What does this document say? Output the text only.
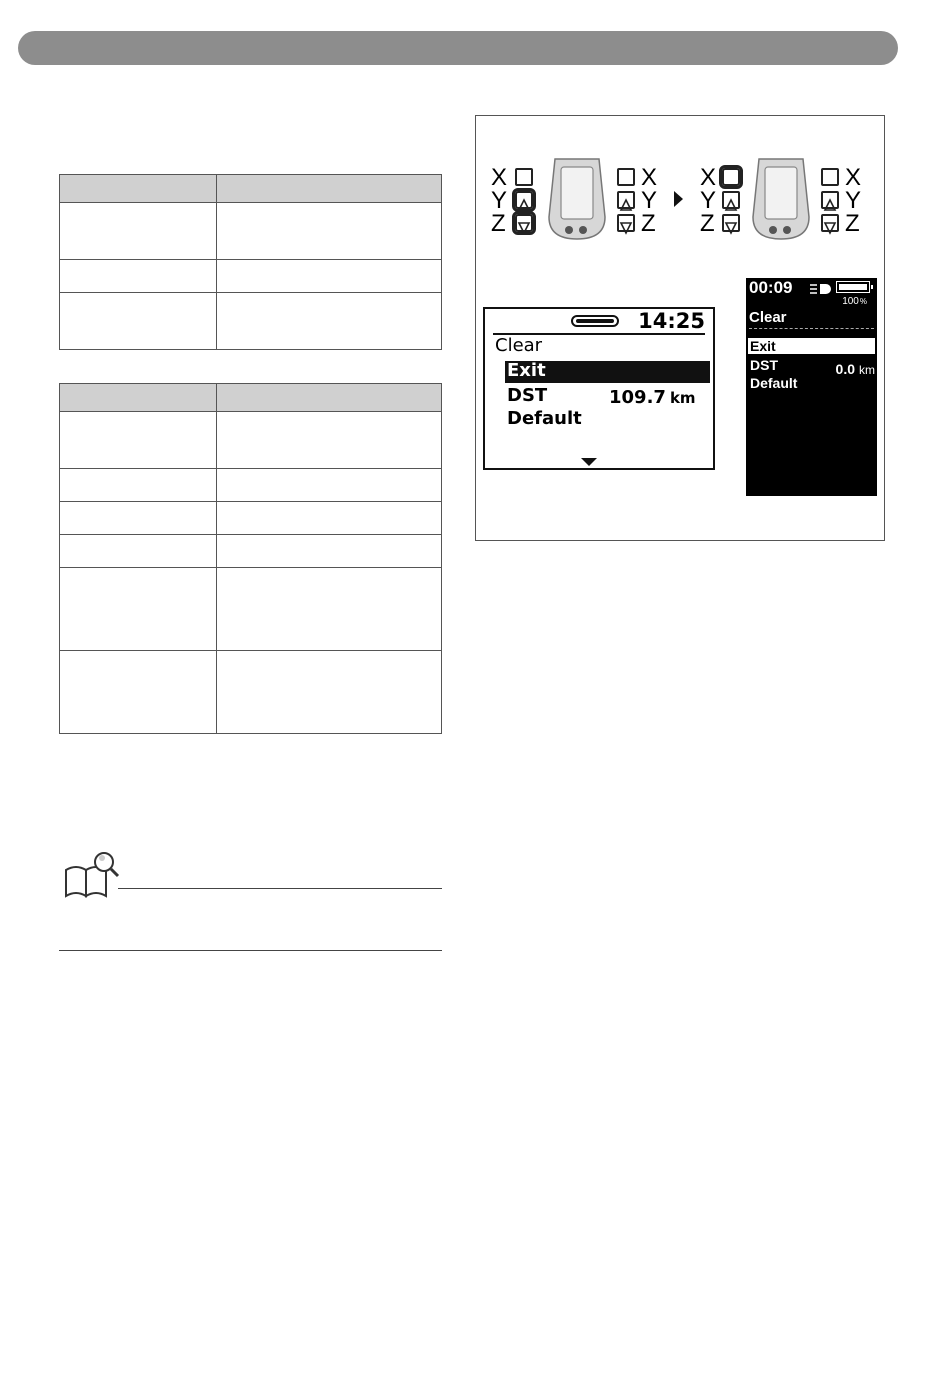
X
Y
Z
X
Y
Z
X
Y
Z
X
Y
Z
14:25
Clear
Exit
DST	109.7 km
Default
00:09
100%
Clear
Exit
DST	0.0 km
Default
